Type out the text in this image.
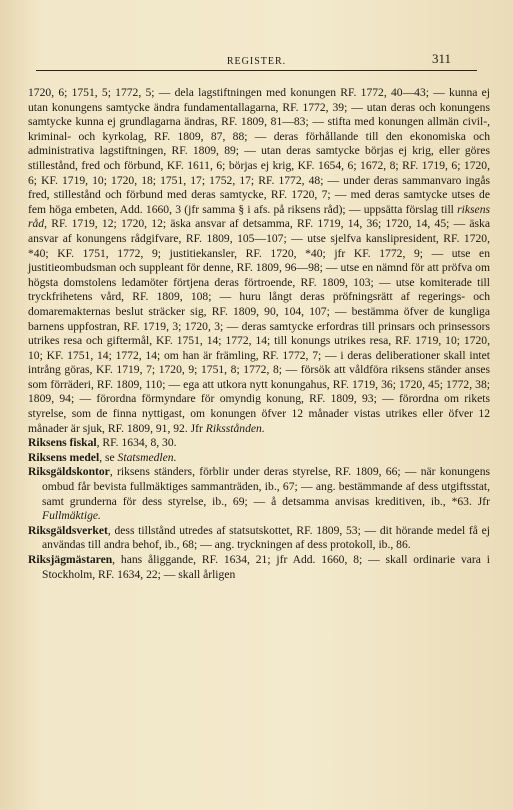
REGISTER.	311

1720, 6; 1751, 5; 1772, 5; — dela lagstiftningen med konungen RF. 1772, 40—43; — kunna ej utan konungens samtycke ändra fundamentallagarna, RF. 1772, 39; — utan deras och konungens samtycke kunna ej grundlagarna ändras, RF. 1809, 81—83; — stifta med konungen allmän civil-, kriminal- och kyrkolag, RF. 1809, 87, 88; — deras förhållande till den ekonomiska och administrativa lagstiftningen, RF. 1809, 89; — utan deras samtycke börjas ej krig, eller göres stillestånd, fred och förbund, KF. 1611, 6; börjas ej krig, KF. 1654, 6; 1672, 8; RF. 1719, 6; 1720, 6; KF. 1719, 10; 1720, 18; 1751, 17; 1752, 17; RF. 1772, 48; — under deras sammanvaro ingås fred, stillestånd och förbund med deras samtycke, RF. 1720, 7; — med deras samtycke utses de fem höga embeten, Add. 1660, 3 (jfr samma § i afs. på riksens råd); — uppsätta förslag till riksens råd, RF. 1719, 12; 1720, 12; äska ansvar af detsamma, RF. 1719, 14, 36; 1720, 14, 45; — äska ansvar af konungens rådgifvare, RF. 1809, 105—107; — utse sjelfva kanslipresident, RF. 1720, *40; KF. 1751, 1772, 9; justitiekansler, RF. 1720, *40; jfr KF. 1772, 9; — utse en justitieombudsman och suppleant för denne, RF. 1809, 96—98; — utse en nämnd för att pröfva om högsta domstolens ledamöter förtjena deras förtroende, RF. 1809, 103; — utse komiterade till tryckfrihetens vård, RF. 1809, 108; — huru långt deras pröfningsrätt af regerings- och domaremakternas beslut sträcker sig, RF. 1809, 90, 104, 107; — bestämma öfver de kungliga barnens uppfostran, RF. 1719, 3; 1720, 3; — deras samtycke erfordras till prinsars och prinsessors utrikes resa och giftermål, KF. 1751, 14; 1772, 14; till konungs utrikes resa, RF. 1719, 10; 1720, 10; KF. 1751, 14; 1772, 14; om han är främling, RF. 1772, 7; — i deras deliberationer skall intet intrång göras, KF. 1719, 7; 1720, 9; 1751, 8; 1772, 8; — försök att våldföra riksens ständer anses som förräderi, RF. 1809, 110; — ega att utkora nytt konungahus, RF. 1719, 36; 1720, 45; 1772, 38; 1809, 94; — förordna förmyndare för omyndig konung, RF. 1809, 93; — förordna om rikets styrelse, som de finna nyttigast, om konungen öfver 12 månader vistas utrikes eller öfver 12 månader är sjuk, RF. 1809, 91, 92. Jfr Riksståndеn.

Riksens fiskal, RF. 1634, 8, 30.

Riksens medel, se Statsmedlen.

Riksgäldskontor, riksens ständers, förblir under deras styrelse, RF. 1809, 66; — när konungens ombud får bevista fullmäktiges sammanträden, ib., 67; — ang. bestämmande af dess utgiftsstat, samt grunderna för dess styrelse, ib., 69; — å detsamma anvisas kreditiven, ib., *63. Jfr Fullmäktige.

Riksgäldsverket, dess tillstånd utredes af statsutskottet, RF. 1809, 53; — dit hörande medel få ej användas till andra behof, ib., 68; — ang. tryckningen af dess protokoll, ib., 86.

Riksjägmästaren, hans åliggande, RF. 1634, 21; jfr Add. 1660, 8; — skall ordinarie vara i Stockholm, RF. 1634, 22; — skall årligen
